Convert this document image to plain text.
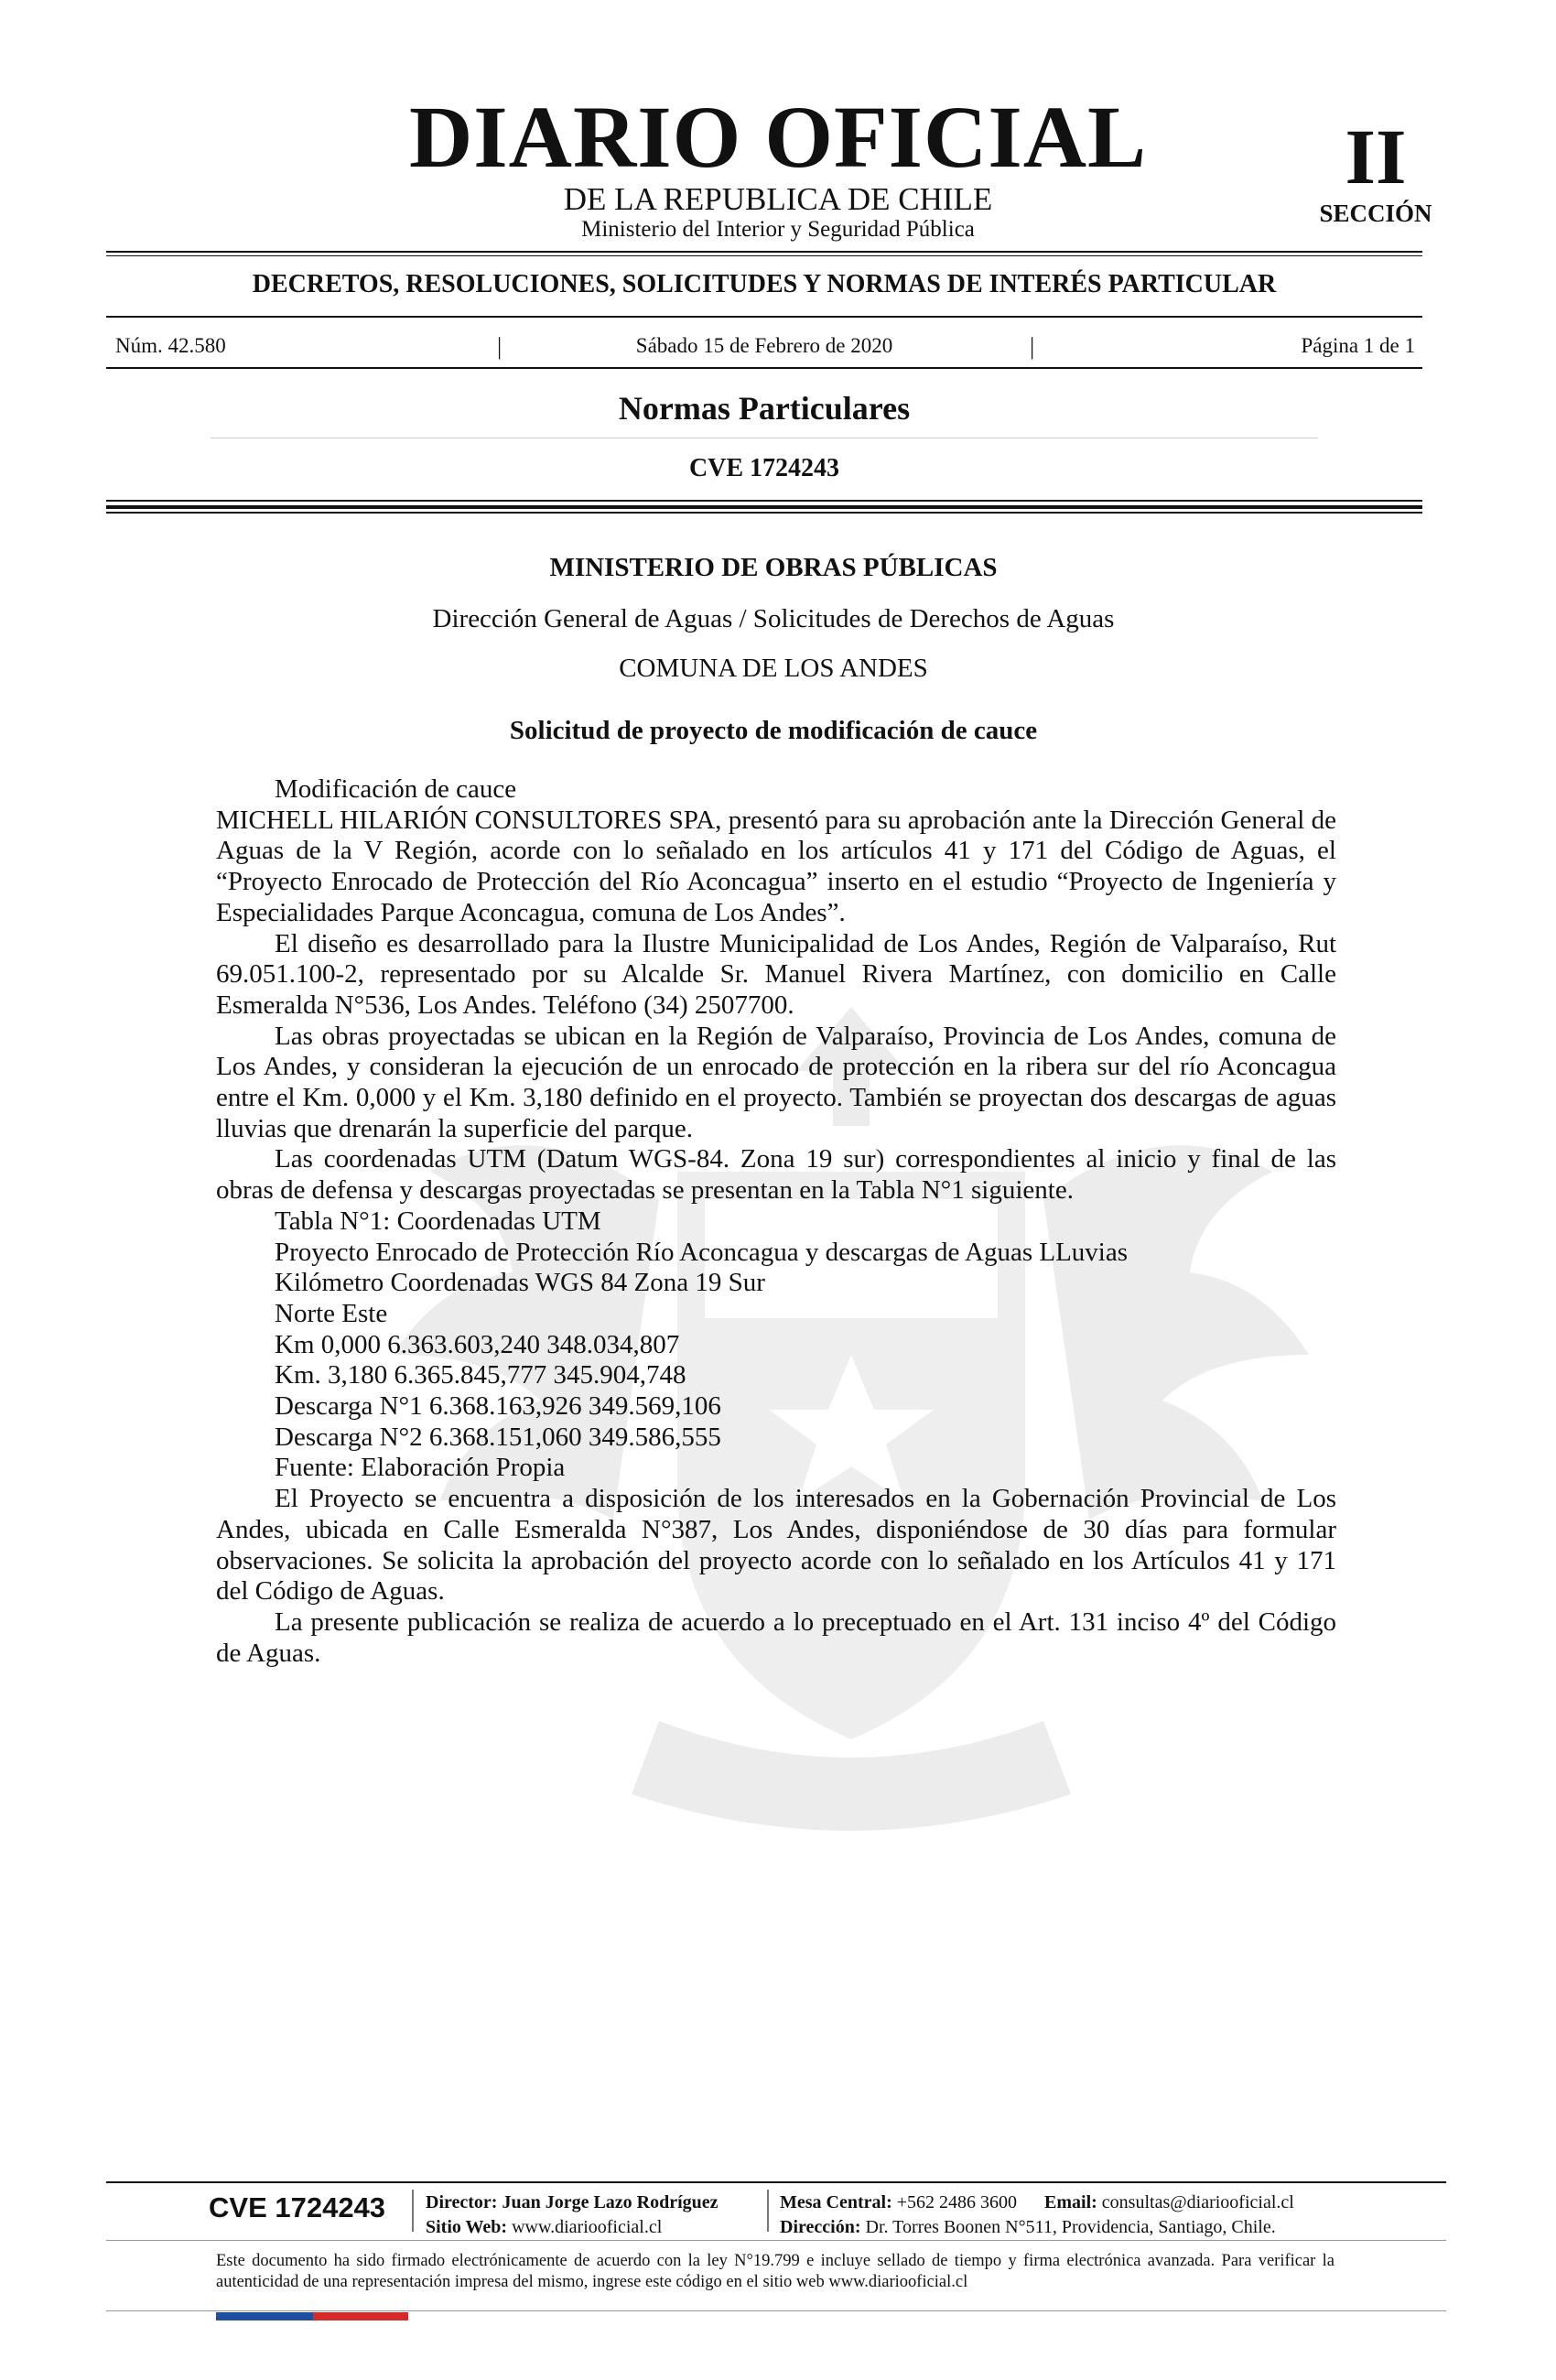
DIARIO OFICIAL
DE LA REPUBLICA DE CHILE
Ministerio del Interior y Seguridad Pública
II
SECCIÓN
DECRETOS, RESOLUCIONES, SOLICITUDES Y NORMAS DE INTERÉS PARTICULAR
Núm. 42.580	|	Sábado 15 de Febrero de 2020	|	Página 1 de 1
Normas Particulares
CVE 1724243
MINISTERIO DE OBRAS PÚBLICAS
Dirección General de Aguas / Solicitudes de Derechos de Aguas
COMUNA DE LOS ANDES
Solicitud de proyecto de modificación de cauce

Modificación de cauce

MICHELL HILARIÓN CONSULTORES SPA, presentó para su aprobación ante la Dirección General de Aguas de la V Región, acorde con lo señalado en los artículos 41 y 171 del Código de Aguas, el “Proyecto Enrocado de Protección del Río Aconcagua” inserto en el estudio “Proyecto de Ingeniería y Especialidades Parque Aconcagua, comuna de Los Andes”.

El diseño es desarrollado para la Ilustre Municipalidad de Los Andes, Región de Valparaíso, Rut 69.051.100-2, representado por su Alcalde Sr. Manuel Rivera Martínez, con domicilio en Calle Esmeralda N°536, Los Andes. Teléfono (34) 2507700.

Las obras proyectadas se ubican en la Región de Valparaíso, Provincia de Los Andes, comuna de Los Andes, y consideran la ejecución de un enrocado de protección en la ribera sur del río Aconcagua entre el Km. 0,000 y el Km. 3,180 definido en el proyecto. También se proyectan dos descargas de aguas lluvias que drenarán la superficie del parque.

Las coordenadas UTM (Datum WGS-84. Zona 19 sur) correspondientes al inicio y final de las obras de defensa y descargas proyectadas se presentan en la Tabla N°1 siguiente.

Tabla N°1: Coordenadas UTM

Proyecto Enrocado de Protección Río Aconcagua y descargas de Aguas LLuvias

Kilómetro Coordenadas WGS 84 Zona 19 Sur

Norte Este

Km 0,000 6.363.603,240 348.034,807

Km. 3,180 6.365.845,777 345.904,748

Descarga N°1 6.368.163,926 349.569,106

Descarga N°2 6.368.151,060 349.586,555

Fuente: Elaboración Propia

El Proyecto se encuentra a disposición de los interesados en la Gobernación Provincial de Los Andes, ubicada en Calle Esmeralda N°387, Los Andes, disponiéndose de 30 días para formular observaciones. Se solicita la aprobación del proyecto acorde con lo señalado en los Artículos 41 y 171 del Código de Aguas.

La presente publicación se realiza de acuerdo a lo preceptuado en el Art. 131 inciso 4º del Código de Aguas.

CVE 1724243 Director: Juan Jorge Lazo Rodríguez
Sitio Web: www.diariooficial.cl
Mesa Central: +562 2486 3600 Email: consultas@diariooficial.cl
Dirección: Dr. Torres Boonen N°511, Providencia, Santiago, Chile.
Este documento ha sido firmado electrónicamente de acuerdo con la ley N°19.799 e incluye sellado de tiempo y firma electrónica avanzada. Para verificar la autenticidad de una representación impresa del mismo, ingrese este código en el sitio web www.diariooficial.cl
